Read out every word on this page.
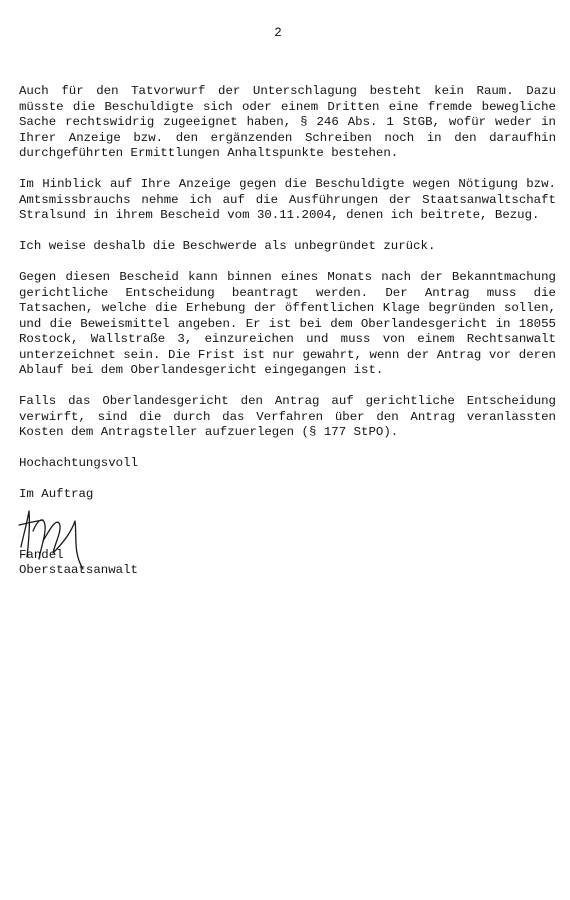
2

Auch für den Tatvorwurf der Unterschlagung besteht kein Raum. Dazu müsste die Beschuldigte sich oder einem Dritten eine fremde bewegliche Sache rechtswidrig zugeeignet haben, § 246 Abs. 1 StGB, wofür weder in Ihrer Anzeige bzw. den ergänzenden Schreiben noch in den daraufhin durchgeführten Ermittlungen Anhaltspunkte bestehen.

Im Hinblick auf Ihre Anzeige gegen die Beschuldigte wegen Nötigung bzw. Amtsmissbrauchs nehme ich auf die Ausführungen der Staatsanwaltschaft Stralsund in ihrem Bescheid vom 30.11.2004, denen ich beitrete, Bezug.

Ich weise deshalb die Beschwerde als unbegründet zurück.

Gegen diesen Bescheid kann binnen eines Monats nach der Bekanntmachung gerichtliche Entscheidung beantragt werden. Der Antrag muss die Tatsachen, welche die Erhebung der öffentlichen Klage begründen sollen, und die Beweismittel angeben. Er ist bei dem Oberlandesgericht in 18055 Rostock, Wallstraße 3, einzureichen und muss von einem Rechtsanwalt unterzeichnet sein. Die Frist ist nur gewahrt, wenn der Antrag vor deren Ablauf bei dem Oberlandesgericht eingegangen ist.

Falls das Oberlandesgericht den Antrag auf gerichtliche Entscheidung verwirft, sind die durch das Verfahren über den Antrag veranlassten Kosten dem Antragsteller aufzuerlegen (§ 177 StPO).

Hochachtungsvoll

Im Auftrag

Fandel
Oberstaatsanwalt
